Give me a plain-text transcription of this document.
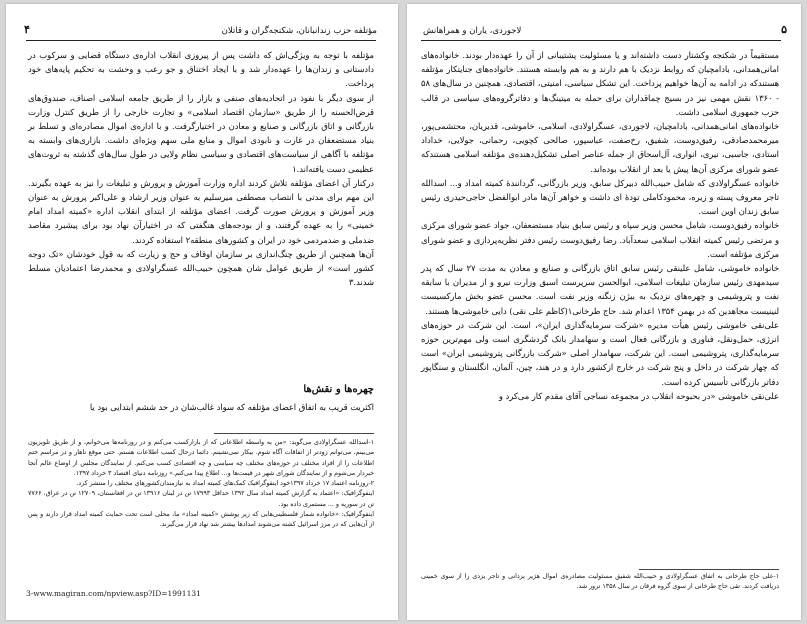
۴	مؤتلفه حزب زندانبانان، شکنجه‌گران و قاتلان

مؤتلفه با توجه به ویژگی‌اش که داشت پس از پیروزی انقلاب اداره‌ی دستگاه قضایی و سرکوب در دادستانی و زندان‌ها را عهده‌دار شد و با ایجاد اختناق و جو رعب و وحشت به تحکیم پایه‌های خود پرداخت.

از سوی دیگر با نفوذ در اتحادیه‌های صنفی و بازار را از طریق جامعه اسلامی اصناف، صندوق‌های قرض‌الحسنه را از طریق «سازمان اقتصاد اسلامی» و تجارت خارجی را از طریق کنترل وزارت بازرگانی و اتاق بازرگانی و صنایع و معادن در اختیارگرفت. و با اداره‌ی اموال مصادره‌ای و تسلط بر بنیاد مستضعفان در غارت و نابودی اموال و منابع ملی سهم ویژه‌ای داشت. بازاری‌های وابسته به مؤتلفه با آگاهی از سیاست‌های اقتصادی و سیاسی نظام ولایی در طول سال‌های گذشته به ثروت‌های عظیمی دست یافته‌اند.۱

درکنار آن اعضای مؤتلفه تلاش کردند اداره وزارت آموزش و پرورش و تبلیغات را نیز به عهده بگیرند. این مهم برای مدتی با انتصاب مصطفی میرسلیم به عنوان وزیر ارشاد و علی‌اکبر پرورش به عنوان وزیر آموزش و پرورش صورت گرفت. اعضای مؤتلفه از ابتدای انقلاب اداره «کمیته امداد امام خمینی» را به عهده گرفتند، و از بودجه‌های هنگفتی که در اختیارآن نهاد بود برای پیشبرد مقاصد ضدملی و ضدمردمی خود در ایران و کشورهای منطقه۲ استفاده کردند.

آن‌ها همچنین از طریق چنگ‌اندازی بر سازمان اوقاف و حج و زیارت که به قول خودشان «تک دوجه کشور است» از طریق عوامل شان همچون حبیب‌الله عسگراولادی و محمدرضا اعتمادیان مسلط شدند.۳

چهره‌ها و نقش‌ها
اکثریت قریب به اتفاق اعضای مؤتلفه که سواد غالب‌شان در حد ششم ابتدایی بود یا
۱-اسدالله عسگراولادی می‌گوید: «من به واسطه اطلاعاتی که از بازارکسب می‌کنم و در روزنامه‌ها می‌خوانم، و از طریق تلویزیون می‌بینم، می‌توانم زودتر از اتفاقات آگاه شوم. بیکار نمی‌نشینم. دائما درحال کسب اطلاعات هستم. حتی موقع ناهار و در مراسم ختم اطلاعات را از افراد مختلف در حوزه‌های مختلف چه سیاسی و چه اقتصادی کسب می‌کنم. از نمایندگان مجلس از اوضاع عالم آنجا خبردار می‌شوم و از نمایندگان شورای شهر در قیمت‌ها و... اطلاع پیدا می‌کنم.» روزنامه دنیای اقتصاد ۳ خرداد ۱۳۹۷.
۲-روزنامه اعتماد ۱۷ خرداد ۱۳۹۷خود اینفوگرافیک کمک‌های کمیته امداد به نیازمندان‌کشورهای مختلف را منتشر کرد.
اینفوگرافیک: «اعتماد به گزارش کمیته امداد سال ۱۳۹۲ حداقل ۱۷۹۹۳ تن در لبنان ۱۳۹۱۶ تن در افغانستان، ۱۲۷۰۹ تن در عراق، ۷۷۶۶ تن در سوریه و ... مستمری داده بود.
اینفوگرافیک: «خانواده شمار فلسطینی‌هایی که زیر پوشش «کمیته امداد» ما، محلی است تحت حمایت کمیته امداد قرار دارند و پس از آن‌هایی که در مرز اسرائیل کشته می‌شوند امداد‌ها بیشتر شد نهاد قرار می‌گیرند.
3-www.magiran.com/npview.asp?ID=1991131
۵
لاجوردی، یاران و همراهانش

مستقیماً در شکنجه وکشتار دست داشته‌اند و یا مسئولیت پشتیبانی از آن را عهده‌دار بودند. خانواده‌های امانی‌همدانی، بادامچیان که روابط نزدیک با هم دارند و به هم وابسته هستند. خانواده‌های جنایتکار مؤتلفه هستندکه در ادامه به آن‌ها خواهیم پرداخت. این تشکل سیاسی، امنیتی، اقتصادی، همچنین در سال‌های ۵۸ - ۱۳۶۰ نقش مهمی نیز در بسیج چماقداران برای حمله به میتینگ‌ها و دفاترگروه‌های سیاسی در قالب حزب جمهوری اسلامی داشت.

خانواده‌های امانی‌همدانی، بادامچیان، لاجوردی، عسگراولادی، اسلامی، خاموشی، قدیریان، محتشمی‌پور، میرمحمدصادقی، رفیق‌دوست، شفیق، رخ‌صفت، عباسپور، صالحی کچویی، رحمانی، جولایی، خداداد استادی، جاسبی، نیری، انواری، آل‌اسحاق از جمله عناصر اصلی تشکیل‌دهنده‌ی مؤتلفه اسلامی هستندکه عضو شورای مرکزی آن‌ها پیش یا بعد از انقلاب بوده‌اند.

خانواده عسگراولادی که شامل حبیب‌الله دبیرکل سابق، وزیر بازرگانی، گردانندهٔ کمیته امداد و... اسدالله تاجر معروف پسته و زیره، محمودکاملی تودهٔ ای داشت و خواهر آن‌ها مادر ابوالفضل حاجی‌حیدری رئیس سابق زندان اوین است.

خانواده رفیق‌دوست، شامل محسن وزیر سپاه و رئیس سابق بنیاد مستضعفان، جواد عضو شورای مرکزی و مرتضی رئیس کمیته انقلاب اسلامی سعدآباد. رضا رفیق‌دوست رئیس دفتر نظریه‌پردازی و عضو شورای مرکزی مؤتلفه است.

خانواده خاموشی، شامل علینقی رئیس سابق اتاق بازرگانی و صنایع و معادن به مدت ۲۷ سال که پدر سیدمهدی رئیس سازمان تبلیغات اسلامی، ابوالحسن سرپرست اسبق وزارت نیرو و از مدیران با سابقه نفت و پتروشیمی و چهره‌های نزدیک به بیژن زنگنه وزیر نفت است. محسن عضو بخش مارکسیست لنینیست مجاهدین که در بهمن ۱۳۵۴ اعدام شد. حاج طرخانی۱(کاظم علی نقی) دایی خاموشی‌ها هستند.

علی‌نقی خاموشی رئیس هیأت مدیره «شرکت سرمایه‌گذاری ایران»، است. این شرکت در حوزه‌های انرژی، حمل‌ونقل، فناوری و بازرگانی فعال است و سهامدار بانک گردشگری است ولی مهم‌ترین حوزه سرمایه‌گذاری، پتروشیمی است. این شرکت، سهامدار اصلی «شرکت بازرگانی پتروشیمی ایران» است که چهار شرکت در داخل و پنج شرکت در خارج ازکشور دارد و در هند، چین، آلمان، انگلستان و سنگاپور دفاتر بازرگانی تأسیس کرده است.

علی‌نقی خاموشی «در بحبوحه انقلاب در مجموعه نساجی آقای مقدم کار می‌کرد و

۱-علی حاج طرخانی به اتفاق عسگراولادی و حبیب‌الله شفیق مسئولیت مصادره‌ی اموال هژیر یزدانی و تاجر یزدی را از سوی خمینی دریافت کردند. تقی حاج طرخانی از سوی گروه فرقان در سال ۱۳۵۸ ترور شد.
